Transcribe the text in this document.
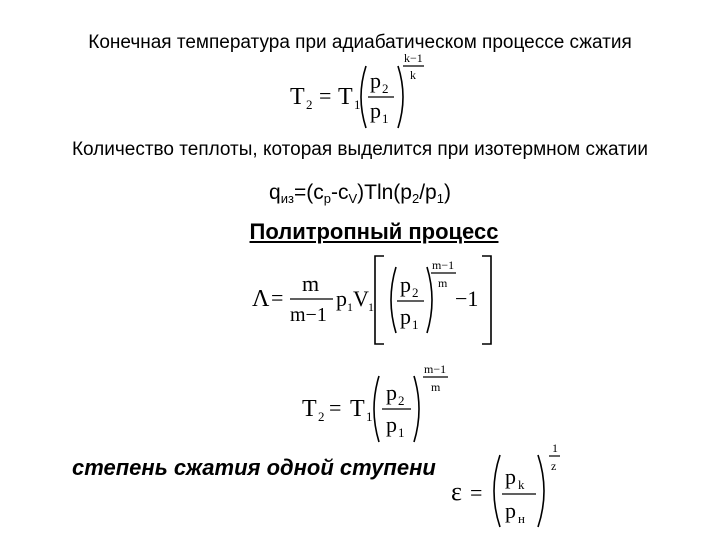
Конечная температура при адиабатическом процессе сжатия
Количество теплоты, которая выделится при изотермном сжатии
$q_{из}=(c_p-c_V)Tln(p_2/p_1)$
Политропный процесс
степень сжатия одной ступени
T 2 = T 1
p 2
p 1
k−1
k
Λ =
m
m−1
p 1 V 1
p 2
p 1
m−1
m
−1
T 2 = T 1
p 2
p 1
m−1
m
ε =
p k
p н
1
z
